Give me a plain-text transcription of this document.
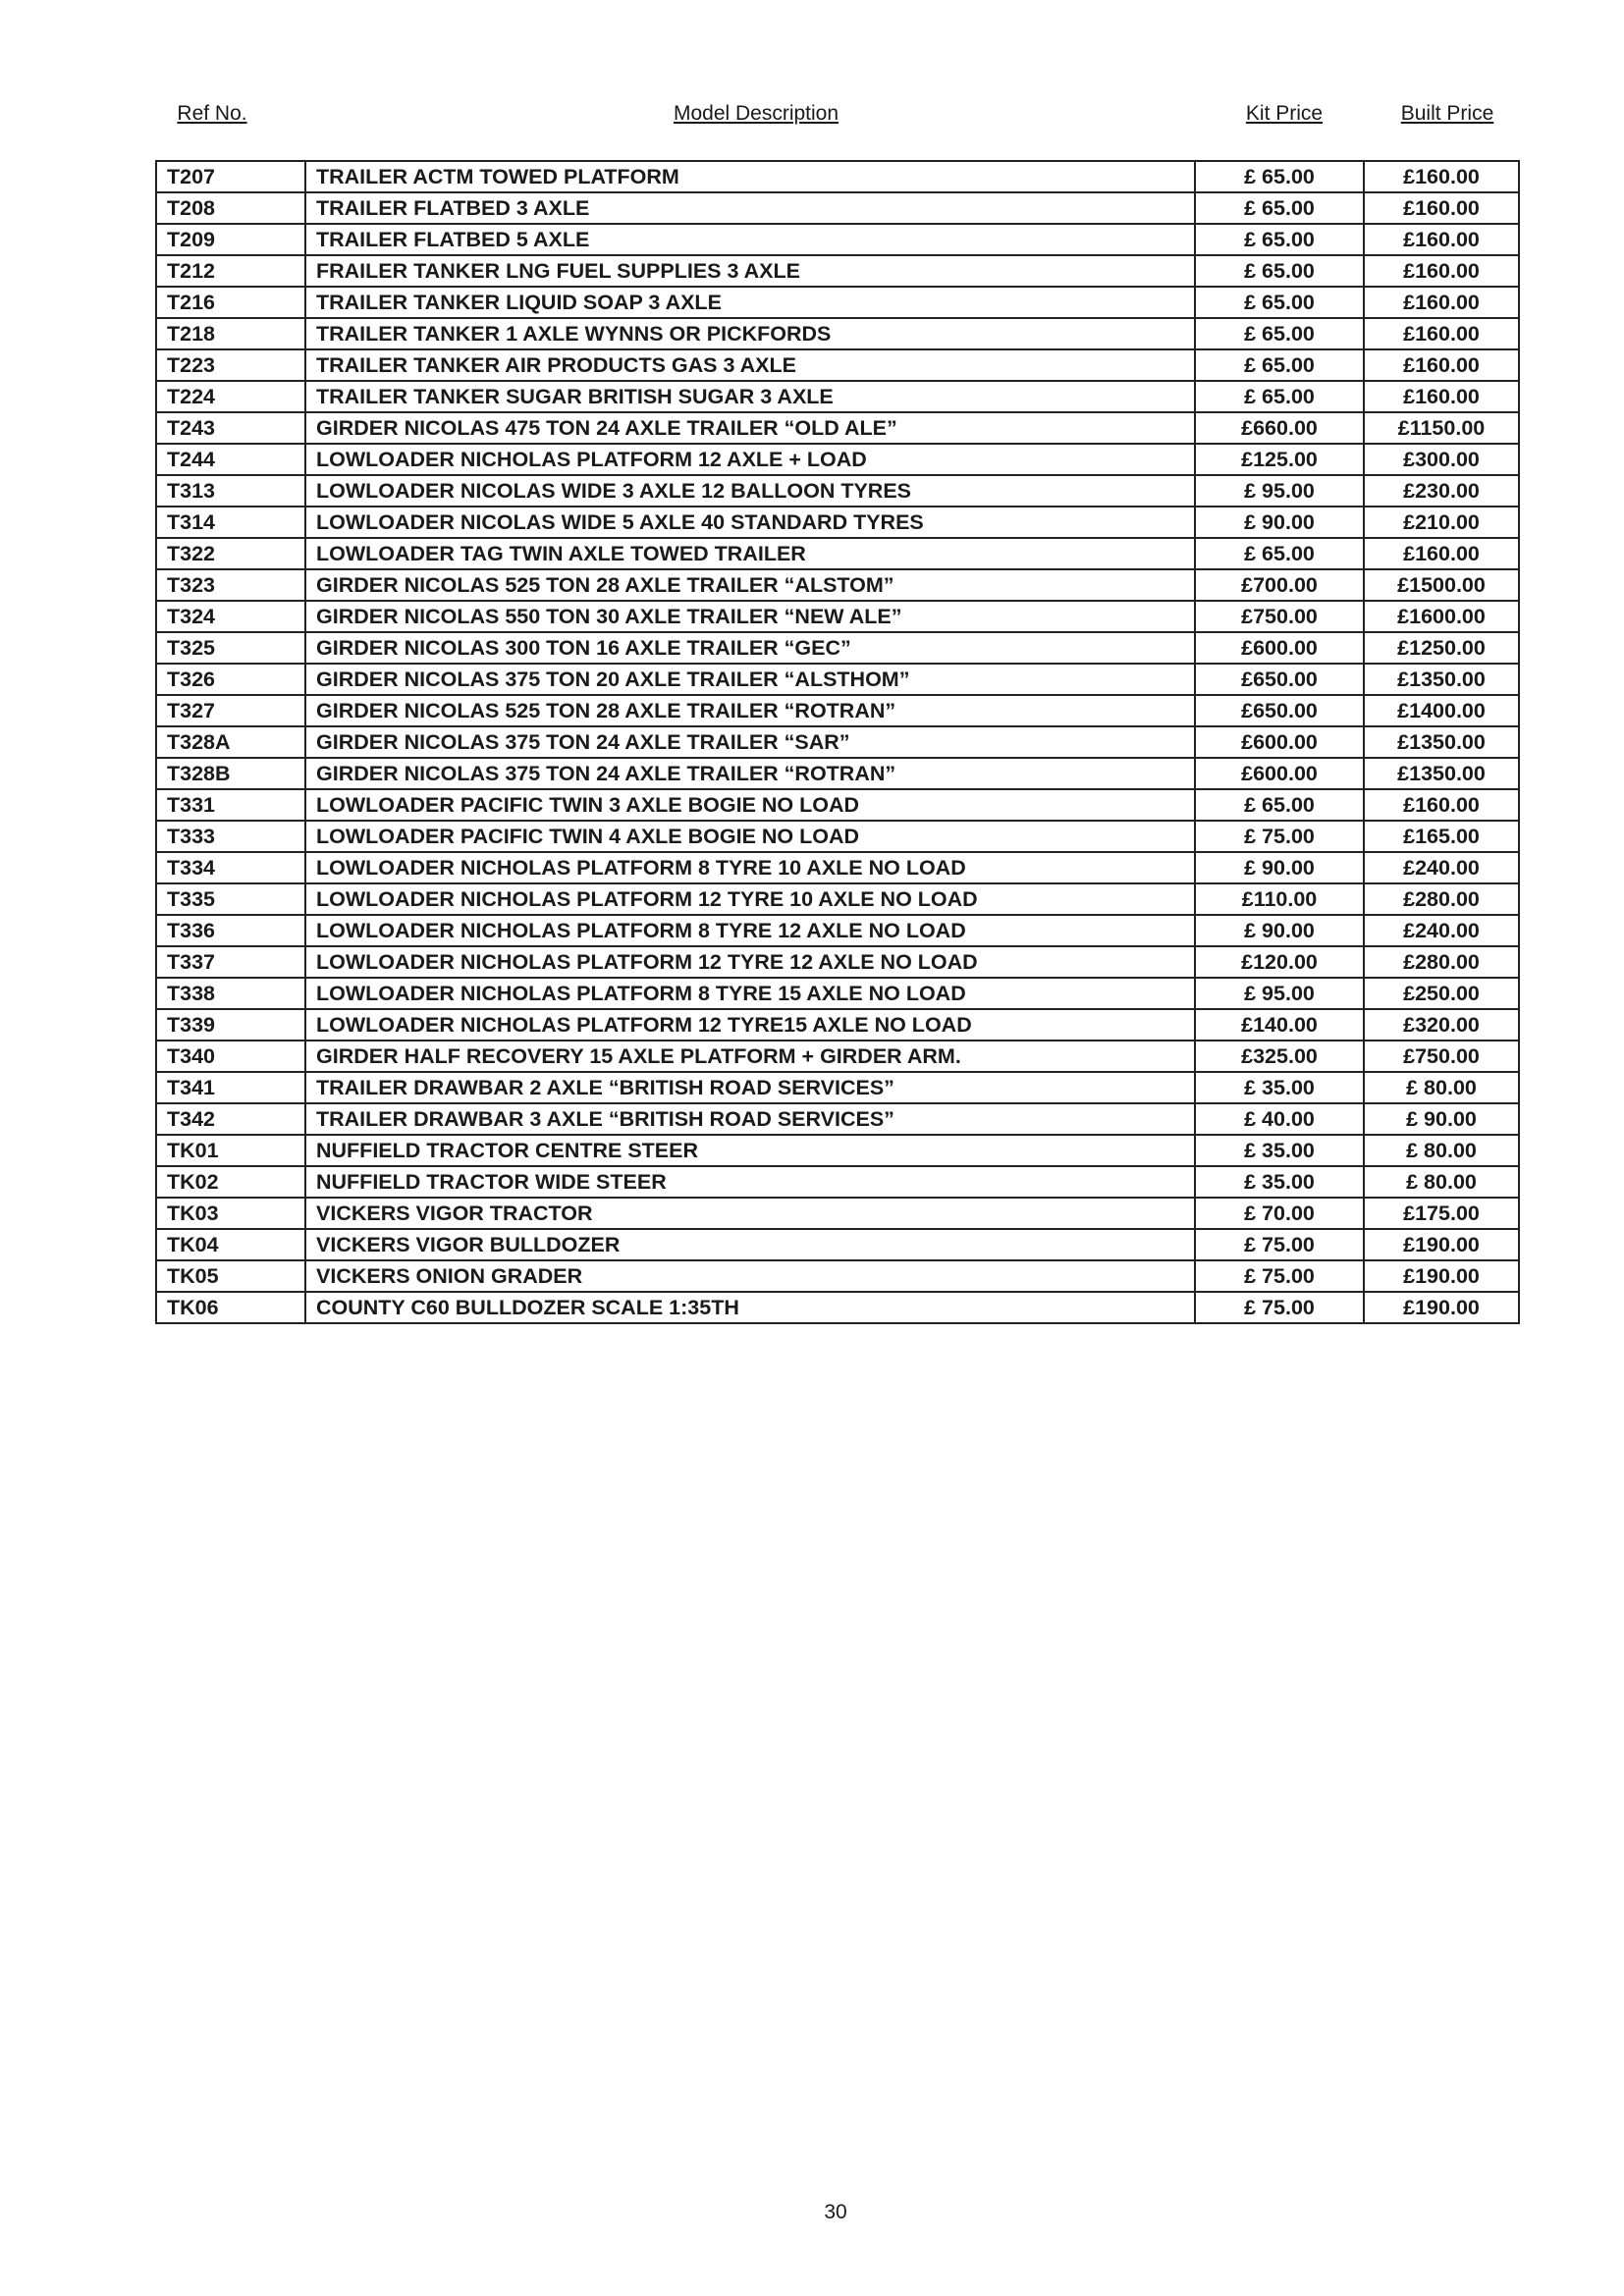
Ref No.	Model Description	Kit Price	Built Price
T207	TRAILER ACTM TOWED PLATFORM	£ 65.00	£160.00
T208	TRAILER FLATBED 3 AXLE	£ 65.00	£160.00
T209	TRAILER FLATBED 5 AXLE	£ 65.00	£160.00
T212	FRAILER TANKER LNG FUEL SUPPLIES 3 AXLE	£ 65.00	£160.00
T216	TRAILER TANKER LIQUID SOAP 3 AXLE	£ 65.00	£160.00
T218	TRAILER TANKER 1 AXLE WYNNS OR PICKFORDS	£ 65.00	£160.00
T223	TRAILER TANKER AIR PRODUCTS GAS 3 AXLE	£ 65.00	£160.00
T224	TRAILER TANKER SUGAR BRITISH SUGAR 3 AXLE	£ 65.00	£160.00
T243	GIRDER NICOLAS 475 TON 24 AXLE TRAILER “OLD ALE”	£660.00	£1150.00
T244	LOWLOADER NICHOLAS PLATFORM 12 AXLE + LOAD	£125.00	£300.00
T313	LOWLOADER NICOLAS WIDE 3 AXLE 12 BALLOON TYRES	£ 95.00	£230.00
T314	LOWLOADER NICOLAS WIDE 5 AXLE 40 STANDARD TYRES	£ 90.00	£210.00
T322	LOWLOADER TAG TWIN AXLE TOWED TRAILER	£ 65.00	£160.00
T323	GIRDER NICOLAS 525 TON 28 AXLE TRAILER “ALSTOM”	£700.00	£1500.00
T324	GIRDER NICOLAS 550 TON 30 AXLE TRAILER “NEW ALE”	£750.00	£1600.00
T325	GIRDER NICOLAS 300 TON 16 AXLE TRAILER “GEC”	£600.00	£1250.00
T326	GIRDER NICOLAS 375 TON 20 AXLE TRAILER “ALSTHOM”	£650.00	£1350.00
T327	GIRDER NICOLAS 525 TON 28 AXLE TRAILER “ROTRAN”	£650.00	£1400.00
T328A	GIRDER NICOLAS 375 TON 24 AXLE TRAILER “SAR”	£600.00	£1350.00
T328B	GIRDER NICOLAS 375 TON 24 AXLE TRAILER “ROTRAN”	£600.00	£1350.00
T331	LOWLOADER PACIFIC TWIN 3 AXLE BOGIE NO LOAD	£ 65.00	£160.00
T333	LOWLOADER PACIFIC TWIN 4 AXLE BOGIE NO LOAD	£ 75.00	£165.00
T334	LOWLOADER NICHOLAS PLATFORM 8 TYRE 10 AXLE NO LOAD	£ 90.00	£240.00
T335	LOWLOADER NICHOLAS PLATFORM 12 TYRE 10 AXLE NO LOAD	£110.00	£280.00
T336	LOWLOADER NICHOLAS PLATFORM 8 TYRE 12 AXLE NO LOAD	£ 90.00	£240.00
T337	LOWLOADER NICHOLAS PLATFORM 12 TYRE 12 AXLE NO LOAD	£120.00	£280.00
T338	LOWLOADER NICHOLAS PLATFORM 8 TYRE 15 AXLE NO LOAD	£ 95.00	£250.00
T339	LOWLOADER NICHOLAS PLATFORM 12 TYRE15 AXLE NO LOAD	£140.00	£320.00
T340	GIRDER HALF RECOVERY 15 AXLE PLATFORM + GIRDER ARM.	£325.00	£750.00
T341	TRAILER DRAWBAR 2 AXLE “BRITISH ROAD SERVICES”	£ 35.00	£ 80.00
T342	TRAILER DRAWBAR 3 AXLE “BRITISH ROAD SERVICES”	£ 40.00	£ 90.00
TK01	NUFFIELD TRACTOR CENTRE STEER	£ 35.00	£ 80.00
TK02	NUFFIELD TRACTOR WIDE STEER	£ 35.00	£ 80.00
TK03	VICKERS VIGOR TRACTOR	£ 70.00	£175.00
TK04	VICKERS VIGOR BULLDOZER	£ 75.00	£190.00
TK05	VICKERS ONION GRADER	£ 75.00	£190.00
TK06	COUNTY C60 BULLDOZER SCALE 1:35TH	£ 75.00	£190.00
30
